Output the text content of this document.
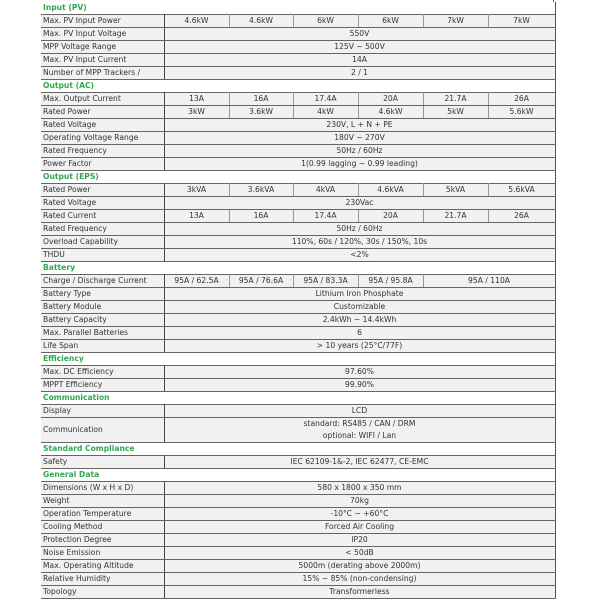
Input (PV)						
Max. PV Input Power	4.6kW	4.6kW	6kW	6kW	7kW	7kW
Max. PV Input Voltage	550V					
MPP Voltage Range	125V ~ 500V					
Max. PV Input Current	14A					
Number of MPP Trackers /	2 / 1					
Output (AC)						
Max. Output Current	13A	16A	17.4A	20A	21.7A	26A
Rated Power	3kW	3.6kW	4kW	4.6kW	5kW	5.6kW
Rated Voltage	230V, L + N + PE					
Operating Voltage Range	180V ~ 270V					
Rated Frequency	50Hz / 60Hz					
Power Factor	1(0.99 lagging ~ 0.99 leading)					
Output (EPS)						
Rated Power	3kVA	3.6kVA	4kVA	4.6kVA	5kVA	5.6kVA
Rated Voltage	230Vac					
Rated Current	13A	16A	17.4A	20A	21.7A	26A
Rated Frequency	50Hz / 60Hz					
Overload Capability	110%, 60s / 120%, 30s / 150%, 10s					
THDU	<2%					
Battery						
Charge / Discharge Current	95A / 62.5A	95A / 76.6A	95A / 83.3A	95A / 95.8A	95A / 110A	
Battery Type	Lithium Iron Phosphate					
Battery Module	Customizable					
Battery Capacity	2.4kWh ~ 14.4kWh					
Max. Parallel Batteries	6					
Life Span	> 10 years (25°C/77F)					
Efficiency						
Max. DC Efficiency	97.60%					
MPPT Efficiency	99.90%					
Communication						
Display	LCD					
Communication	standard: RS485 / CAN / DRM
optional: WIFI / Lan					

Standard Compliance						
Safety	IEC 62109-1&-2, IEC 62477, CE-EMC					
General Data						
Dimensions (W x H x D)	580 x 1800 x 350 mm					
Weight	70kg					
Operation Temperature	-10°C ~ +60°C					
Cooling Method	Forced Air Cooling					
Protection Degree	IP20					
Noise Emission	< 50dB					
Max. Operating Altitude	5000m (derating above 2000m)					
Relative Humidity	15% ~ 85% (non-condensing)					
Topology	Transformerless					
